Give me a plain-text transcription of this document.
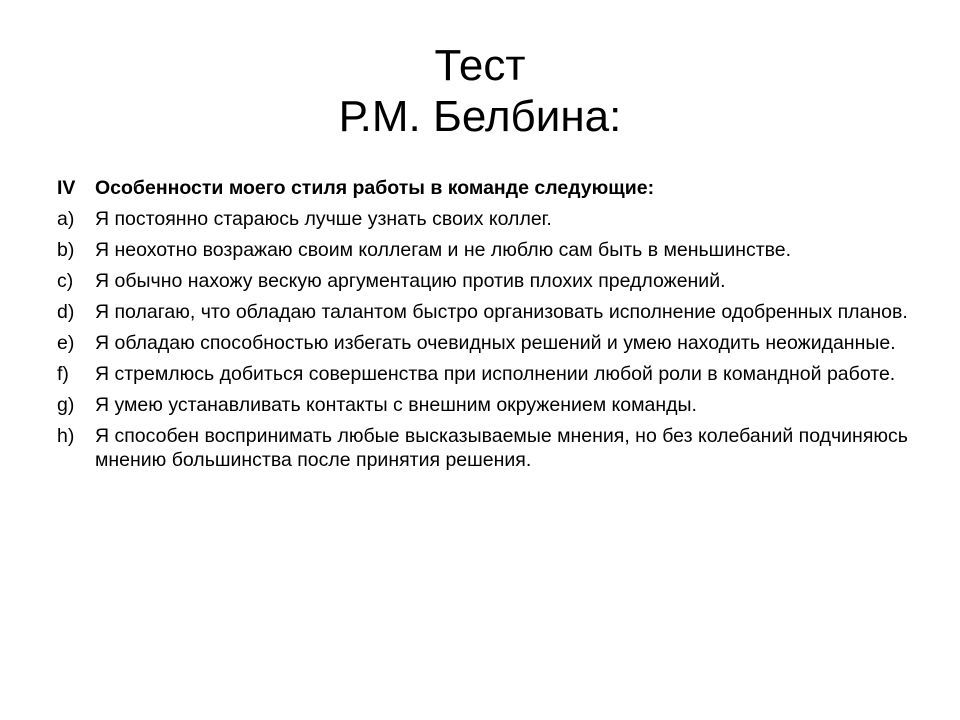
Тест
Р.М. Белбина:
IV Особенности моего стиля работы в команде следующие:
a) Я постоянно стараюсь лучше узнать своих коллег.
b) Я неохотно возражаю своим коллегам и не люблю сам быть в меньшинстве.
c) Я обычно нахожу вескую аргументацию против плохих предложений.
d) Я полагаю, что обладаю талантом быстро организовать исполнение одобренных планов.
e) Я обладаю способностью избегать очевидных решений и умею находить неожиданные.
f) Я стремлюсь добиться совершенства при исполнении любой роли в командной работе.
g) Я умею устанавливать контакты с внешним окружением команды.
h) Я способен воспринимать любые высказываемые мнения, но без колебаний подчиняюсь мнению большинства после принятия решения.
